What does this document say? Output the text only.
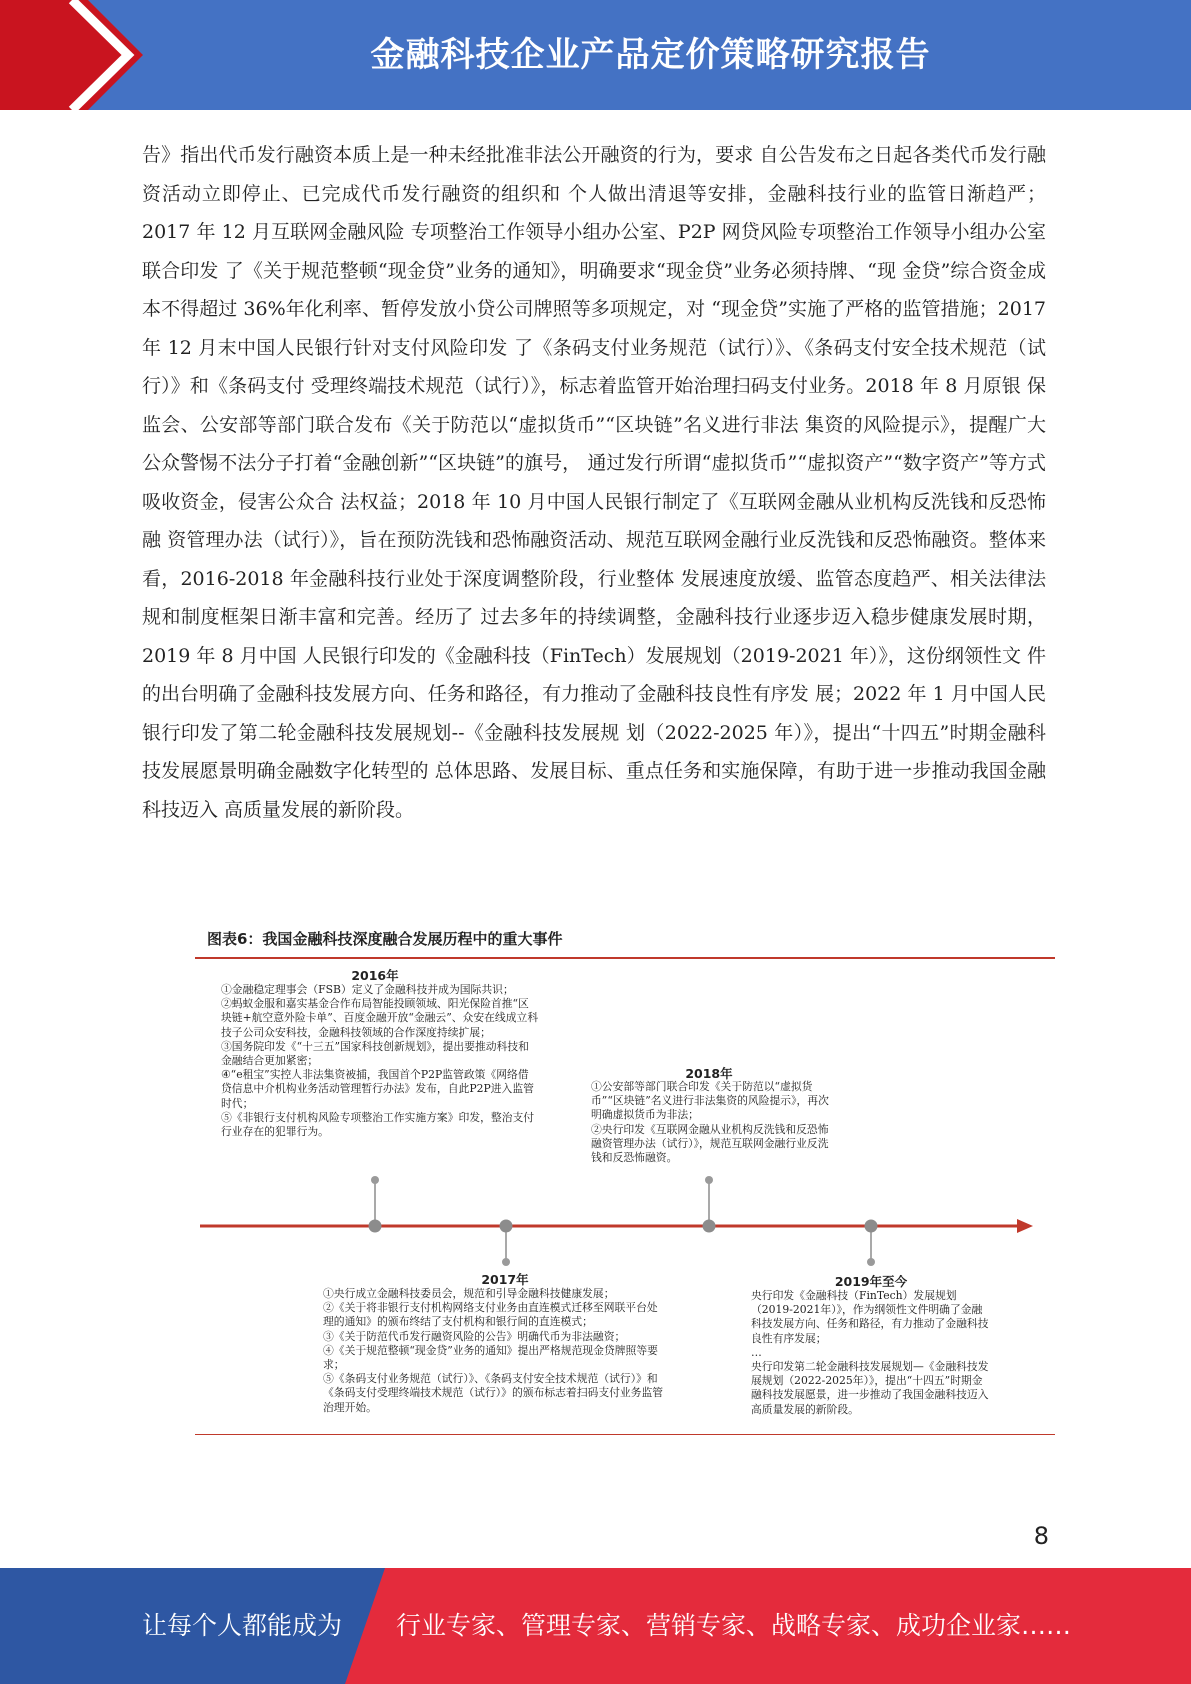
金融科技企业产品定价策略研究报告
告》指出代币发行融资本质上是一种未经批准非法公开融资的行为，要求 自公告发布之日起各类代币发行融资活动立即停止、已完成代币发行融资的组织和 个人做出清退等安排，金融科技行业的监管日渐趋严；2017 年 12 月互联网金融风险 专项整治工作领导小组办公室、P2P 网贷风险专项整治工作领导小组办公室联合印发 了《关于规范整顿“现金贷”业务的通知》，明确要求“现金贷”业务必须持牌、“现 金贷”综合资金成本不得超过 36%年化利率、暂停发放小贷公司牌照等多项规定，对 “现金贷”实施了严格的监管措施；2017 年 12 月末中国人民银行针对支付风险印发 了《条码支付业务规范（试行）》、《条码支付安全技术规范（试行）》和《条码支付 受理终端技术规范（试行）》，标志着监管开始治理扫码支付业务。2018 年 8 月原银 保监会、公安部等部门联合发布《关于防范以“虚拟货币”“区块链”名义进行非法 集资的风险提示》，提醒广大公众警惕不法分子打着“金融创新”“区块链”的旗号， 通过发行所谓“虚拟货币”“虚拟资产”“数字资产”等方式吸收资金，侵害公众合 法权益；2018 年 10 月中国人民银行制定了《互联网金融从业机构反洗钱和反恐怖融 资管理办法（试行）》，旨在预防洗钱和恐怖融资活动、规范互联网金融行业反洗钱和反恐怖融资。整体来看，2016-2018 年金融科技行业处于深度调整阶段，行业整体 发展速度放缓、监管态度趋严、相关法律法规和制度框架日渐丰富和完善。经历了 过去多年的持续调整，金融科技行业逐步迈入稳步健康发展时期，2019 年 8 月中国 人民银行印发的《金融科技（FinTech）发展规划（2019-2021 年）》，这份纲领性文 件的出台明确了金融科技发展方向、任务和路径，有力推动了金融科技良性有序发 展；2022 年 1 月中国人民银行印发了第二轮金融科技发展规划--《金融科技发展规 划（2022-2025 年）》，提出“十四五”时期金融科技发展愿景明确金融数字化转型的 总体思路、发展目标、重点任务和实施保障，有助于进一步推动我国金融科技迈入 高质量发展的新阶段。
图表6：我国金融科技深度融合发展历程中的重大事件
2016年
①金融稳定理事会（FSB）定义了金融科技并成为国际共识；
②蚂蚁金服和嘉实基金合作布局智能投顾领域、阳光保险首推“区块链+航空意外险卡单”、百度金融开放“金融云”、众安在线成立科技子公司众安科技，金融科技领域的合作深度持续扩展；
③国务院印发《“十三五”国家科技创新规划》，提出要推动科技和金融结合更加紧密；
④“e租宝”实控人非法集资被捕，我国首个P2P监管政策《网络借贷信息中介机构业务活动管理暂行办法》发布，自此P2P进入监管时代；
⑤《非银行支付机构风险专项整治工作实施方案》印发，整治支付行业存在的犯罪行为。
2018年
①公安部等部门联合印发《关于防范以“虚拟货币”“区块链”名义进行非法集资的风险提示》，再次明确虚拟货币为非法；
②央行印发《互联网金融从业机构反洗钱和反恐怖融资管理办法（试行）》，规范互联网金融行业反洗钱和反恐怖融资。
2017年
①央行成立金融科技委员会，规范和引导金融科技健康发展；
②《关于将非银行支付机构网络支付业务由直连模式迁移至网联平台处理的通知》的颁布终结了支付机构和银行间的直连模式；
③《关于防范代币发行融资风险的公告》明确代币为非法融资；
④《关于规范整顿“现金贷”业务的通知》提出严格规范现金贷牌照等要求；
⑤《条码支付业务规范（试行）》、《条码支付安全技术规范（试行）》和《条码支付受理终端技术规范（试行）》的颁布标志着扫码支付业务监管治理开始。
2019年至今
央行印发《金融科技（FinTech）发展规划（2019-2021年）》，作为纲领性文件明确了金融科技发展方向、任务和路径，有力推动了金融科技良性有序发展；
…
央行印发第二轮金融科技发展规划—《金融科技发展规划（2022-2025年）》，提出“十四五”时期金融科技发展愿景，进一步推动了我国金融科技迈入高质量发展的新阶段。
8
让每个人都能成为 行业专家、管理专家、营销专家、战略专家、成功企业家……
